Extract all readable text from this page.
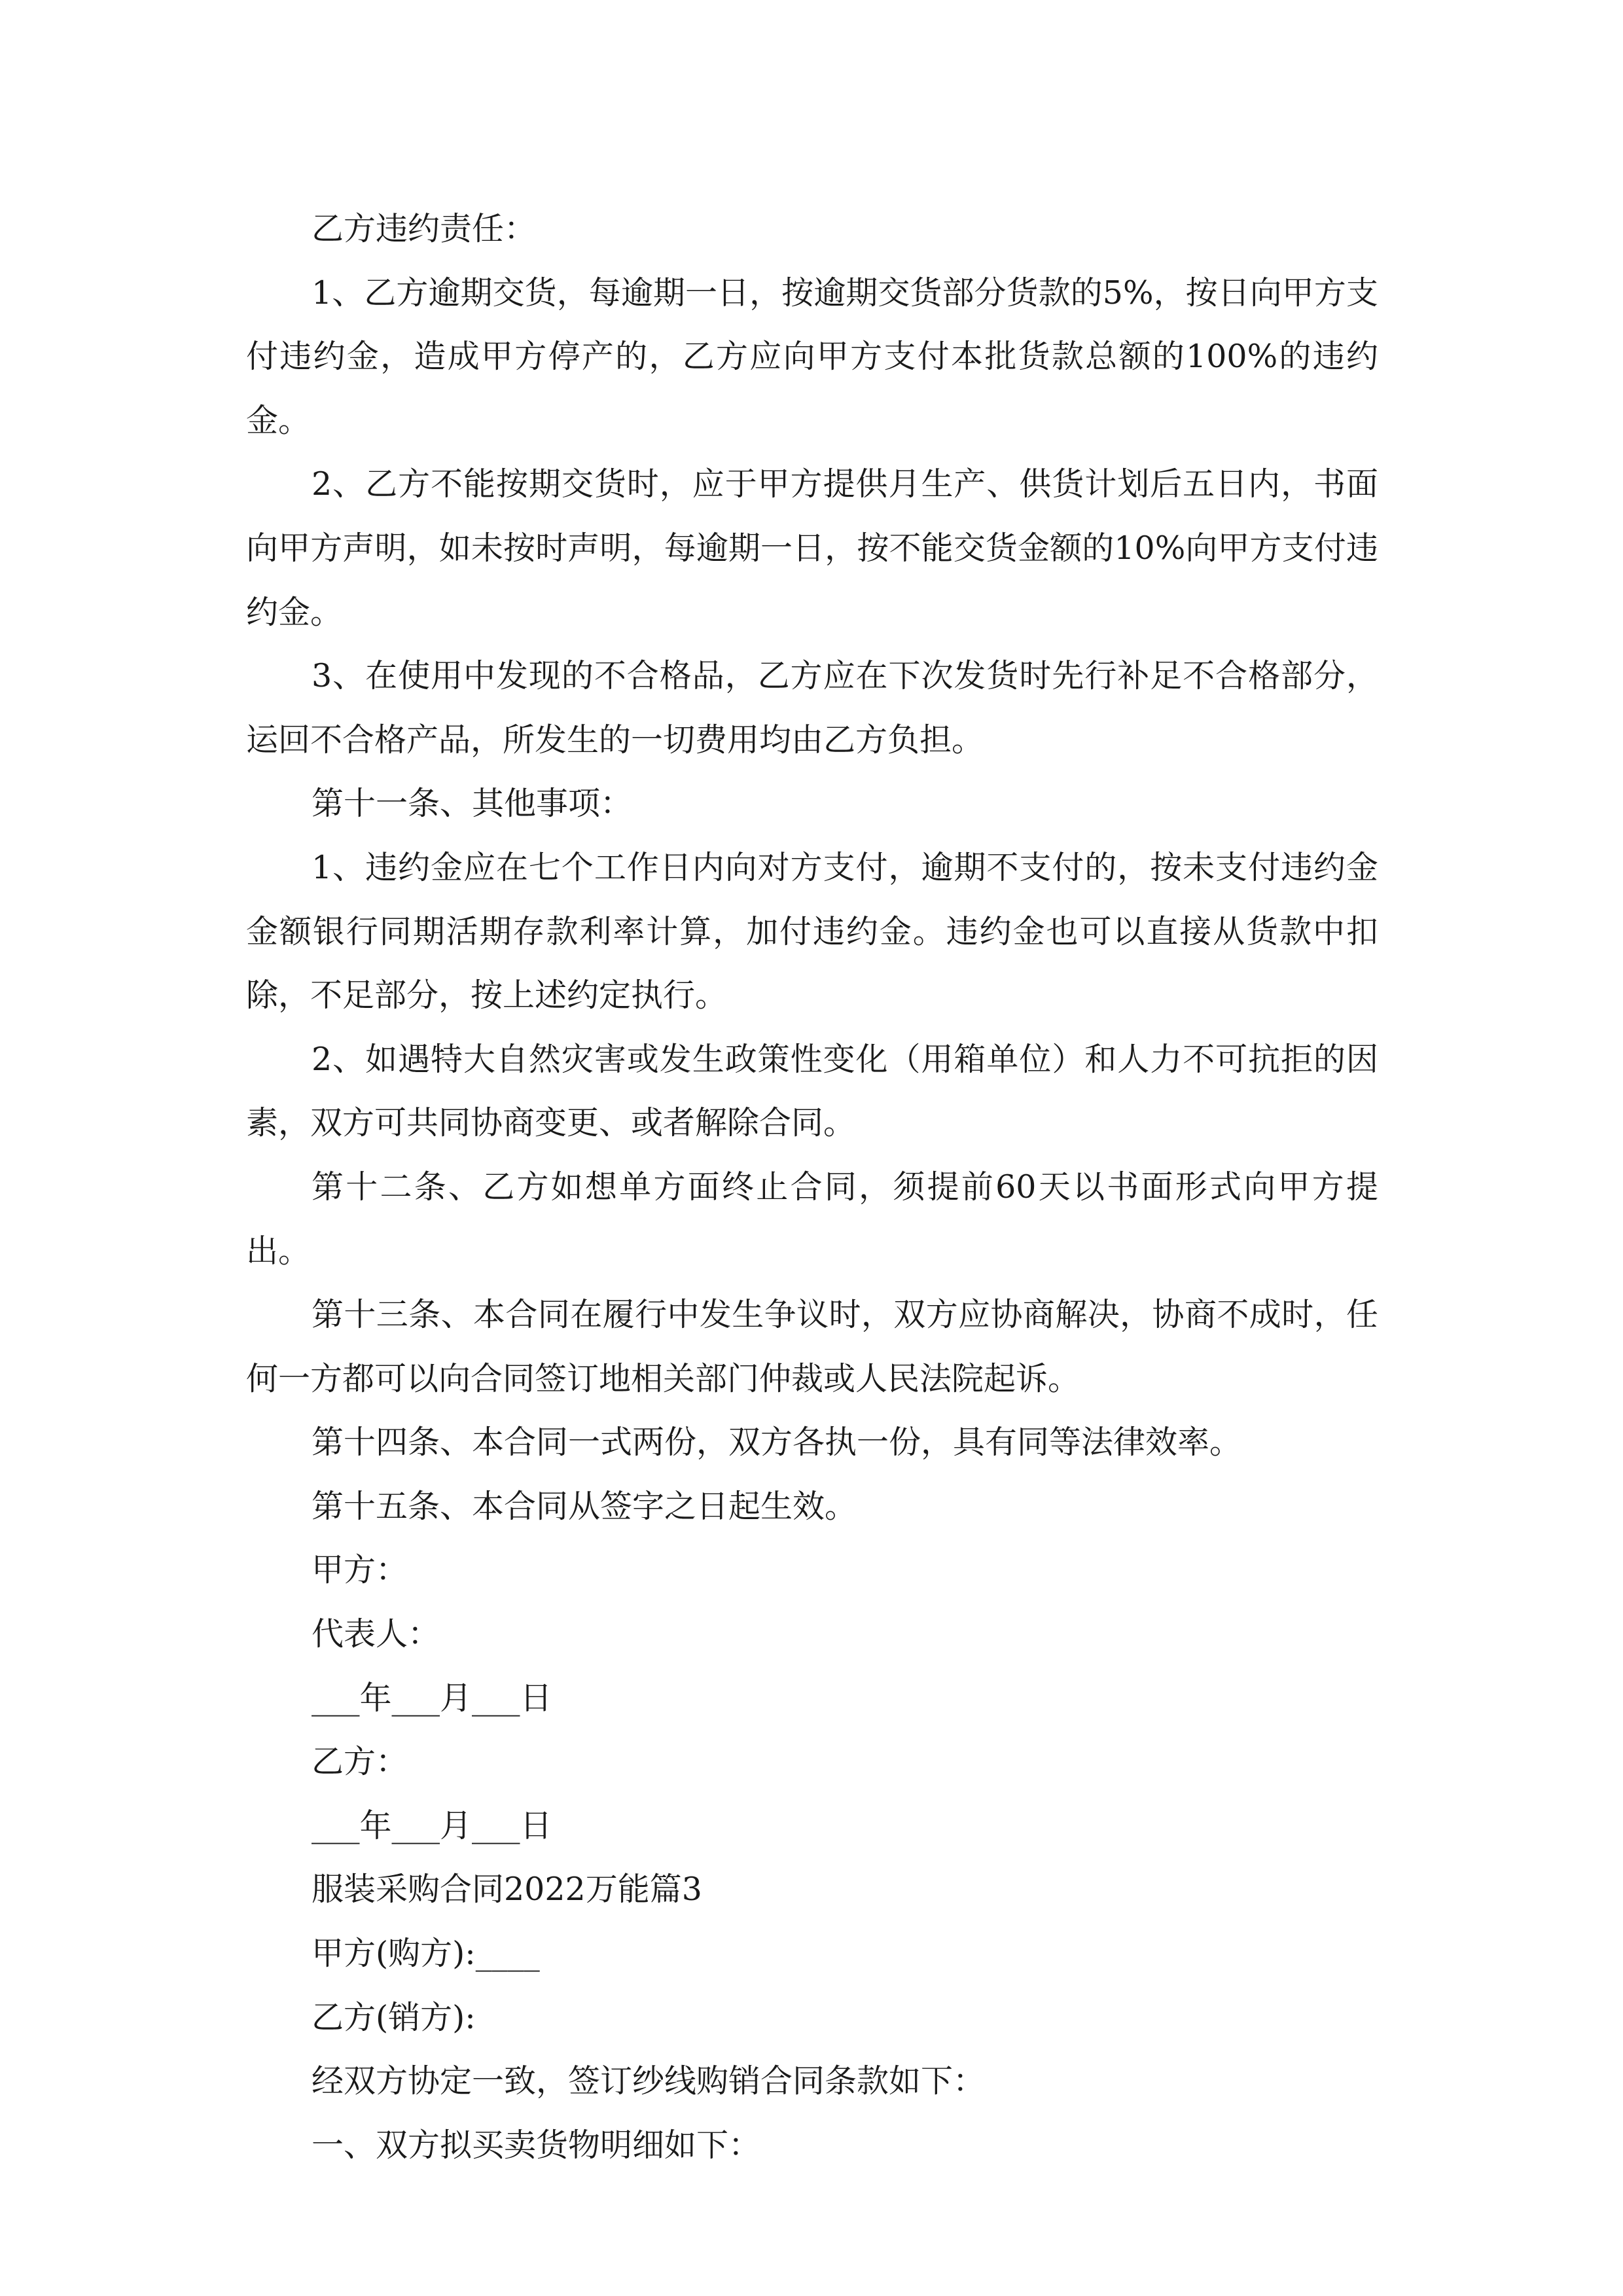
乙方违约责任：

1、乙方逾期交货，每逾期一日，按逾期交货部分货款的5%，按日向甲方支付违约金，造成甲方停产的，乙方应向甲方支付本批货款总额的100%的违约金。

2、乙方不能按期交货时，应于甲方提供月生产、供货计划后五日内，书面向甲方声明，如未按时声明，每逾期一日，按不能交货金额的10%向甲方支付违约金。

3、在使用中发现的不合格品，乙方应在下次发货时先行补足不合格部分，运回不合格产品，所发生的一切费用均由乙方负担。

第十一条、其他事项：

1、违约金应在七个工作日内向对方支付，逾期不支付的，按未支付违约金金额银行同期活期存款利率计算，加付违约金。违约金也可以直接从货款中扣除，不足部分，按上述约定执行。

2、如遇特大自然灾害或发生政策性变化（用箱单位）和人力不可抗拒的因素，双方可共同协商变更、或者解除合同。

第十二条、乙方如想单方面终止合同，须提前60天以书面形式向甲方提出。

第十三条、本合同在履行中发生争议时，双方应协商解决，协商不成时，任何一方都可以向合同签订地相关部门仲裁或人民法院起诉。

第十四条、本合同一式两份，双方各执一份，具有同等法律效率。

第十五条、本合同从签字之日起生效。

甲方：

代表人：

___年___月___日

乙方：

___年___月___日

服装采购合同2022万能篇3

甲方(购方):____

乙方(销方):

经双方协定一致，签订纱线购销合同条款如下：

一、双方拟买卖货物明细如下：
